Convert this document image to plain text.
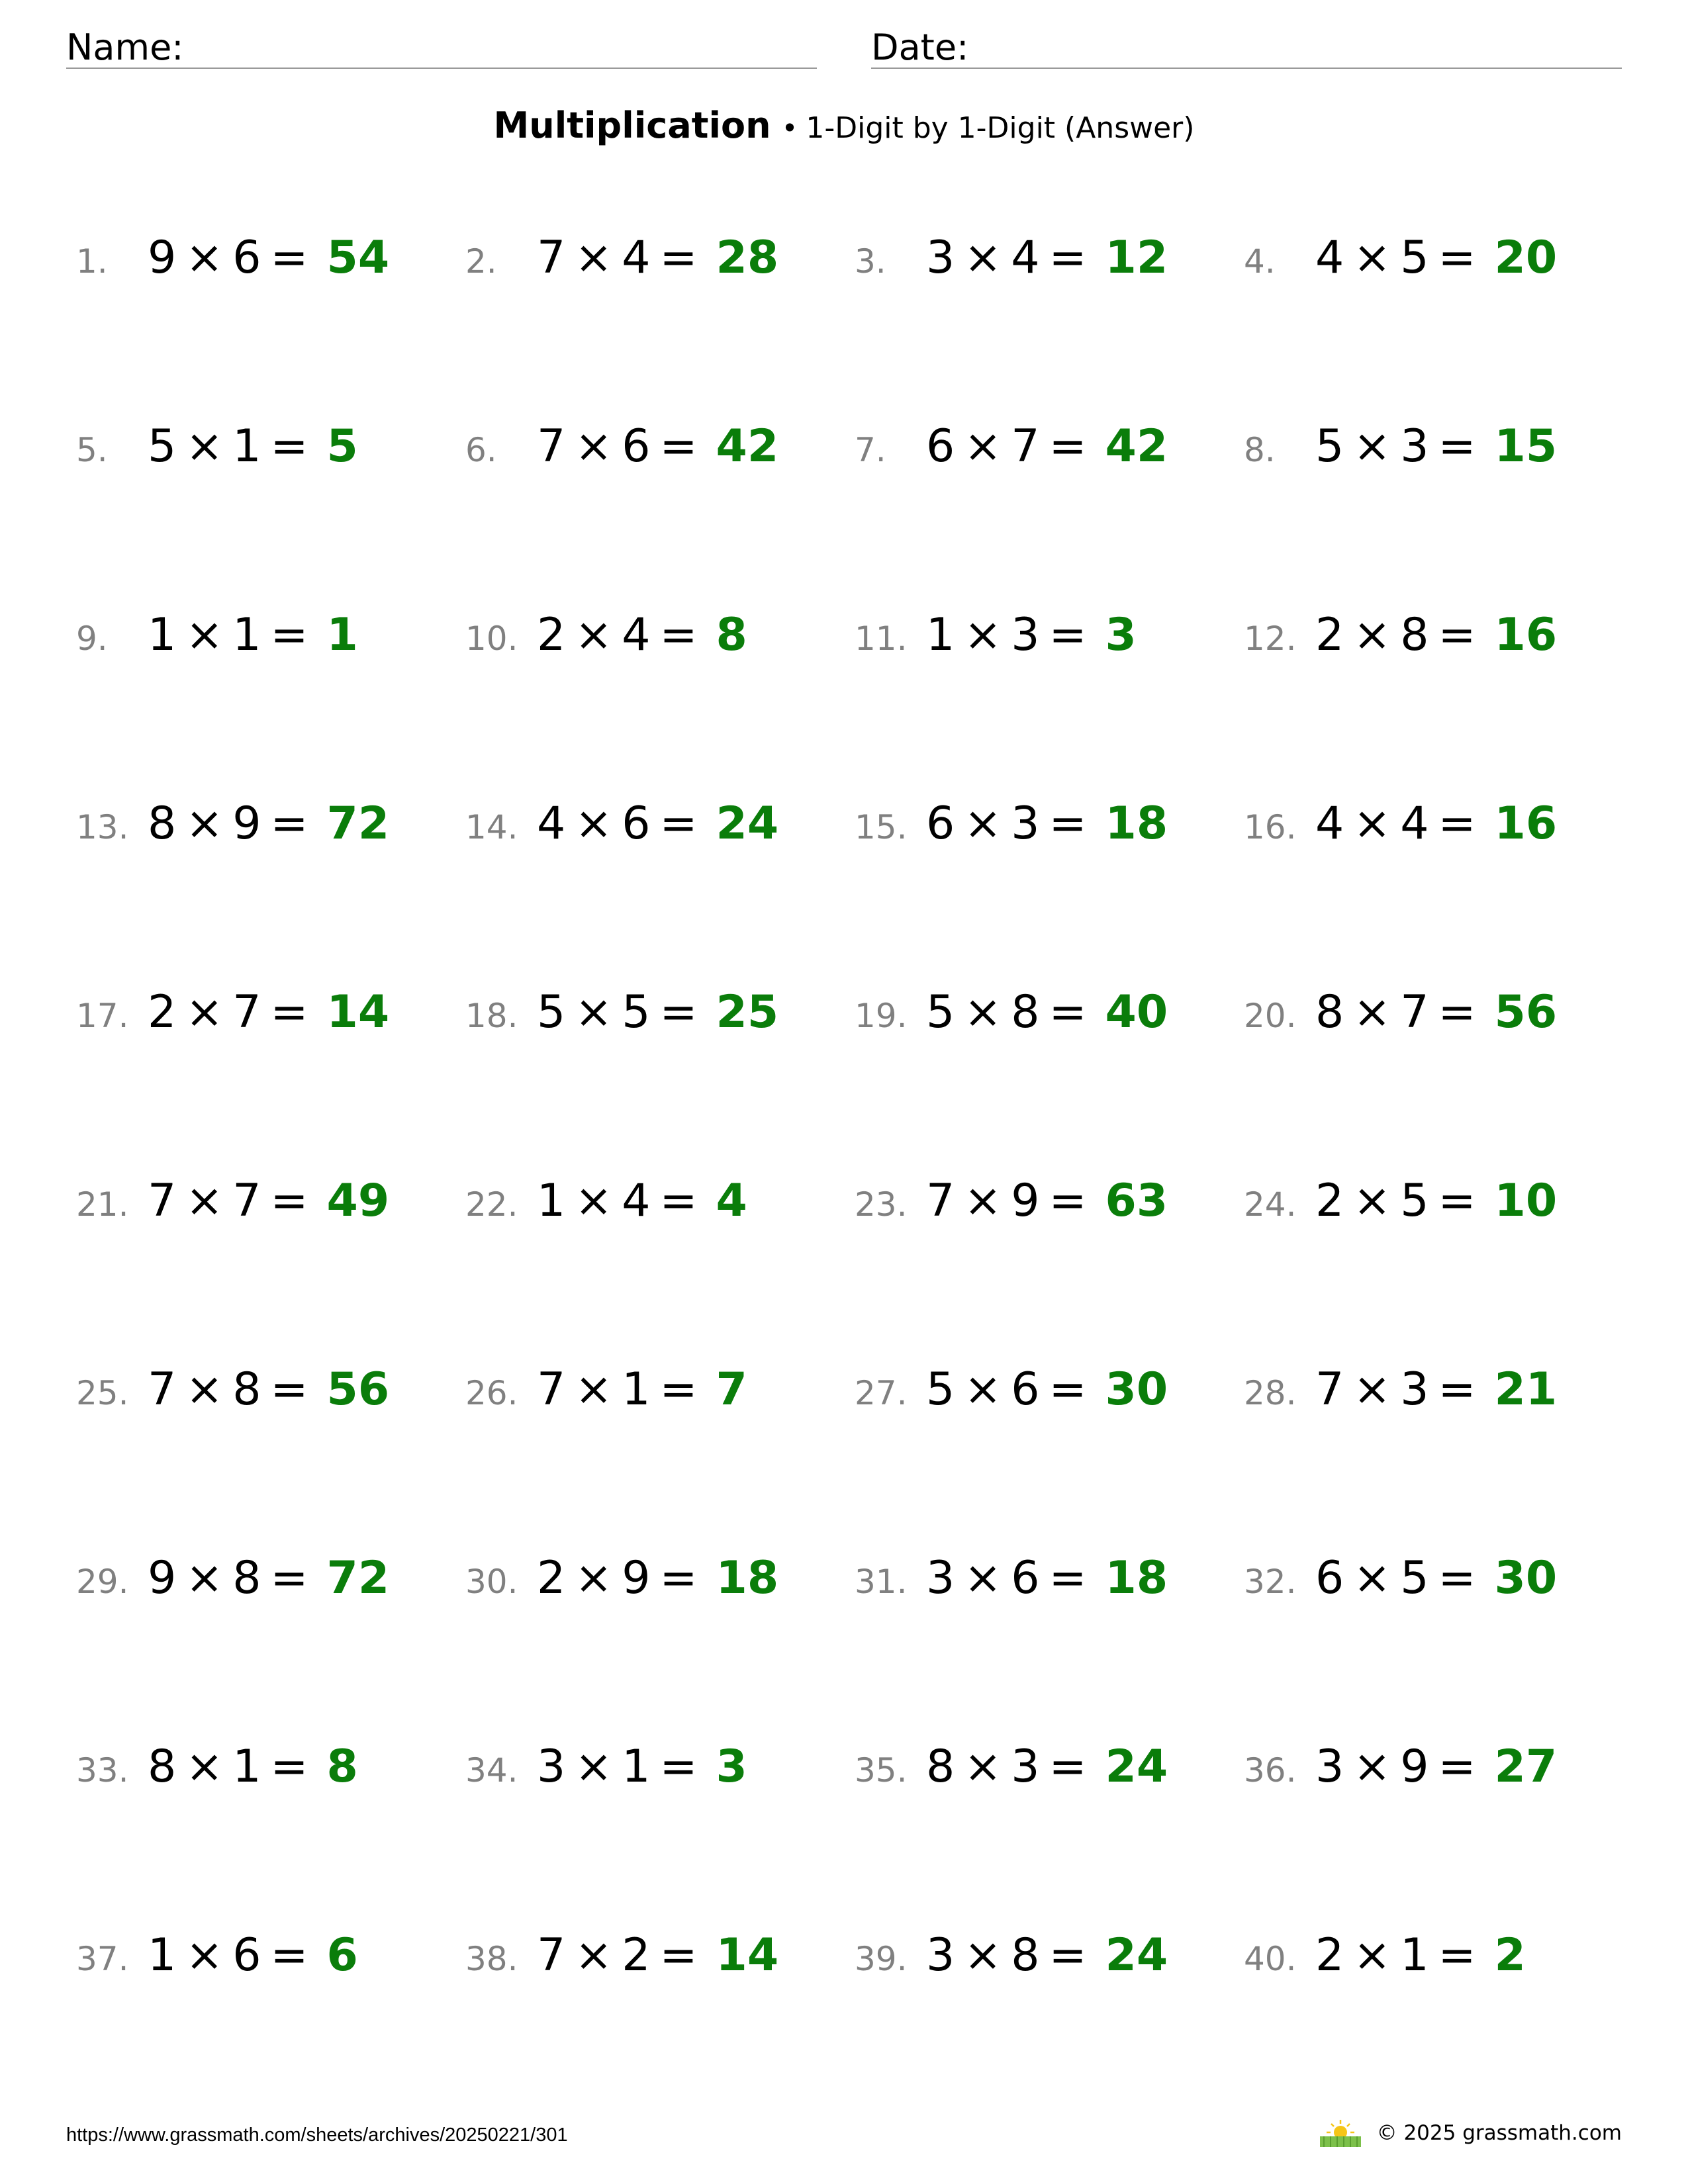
Name:	Date:
Multiplication • 1-Digit by 1-Digit (Answer)
1. 9 × 6 = 54 2. 7 × 4 = 28 3. 3 × 4 = 12 4. 4 × 5 = 20
5. 5 × 1 = 5	6. 7 × 6 = 42 7. 6 × 7 = 42 8. 5 × 3 = 15
9. 1 × 1 = 1	10. 2 × 4 = 8	11. 1 × 3 = 3	12. 2 × 8 = 16
13. 8 × 9 = 72 14. 4 × 6 = 24 15. 6 × 3 = 18 16. 4 × 4 = 16
17. 2 × 7 = 14 18. 5 × 5 = 25 19. 5 × 8 = 40 20. 8 × 7 = 56
21. 7 × 7 = 49 22. 1 × 4 = 4	23. 7 × 9 = 63 24. 2 × 5 = 10
25. 7 × 8 = 56 26. 7 × 1 = 7	27. 5 × 6 = 30 28. 7 × 3 = 21
29. 9 × 8 = 72 30. 2 × 9 = 18 31. 3 × 6 = 18 32. 6 × 5 = 30
33. 8 × 1 = 8	34. 3 × 1 = 3	35. 8 × 3 = 24 36. 3 × 9 = 27
37. 1 × 6 = 6	38. 7 × 2 = 14 39. 3 × 8 = 24 40. 2 × 1 = 2
https://www.grassmath.com/sheets/archives/20250221/301	© 2025 grassmath.com
